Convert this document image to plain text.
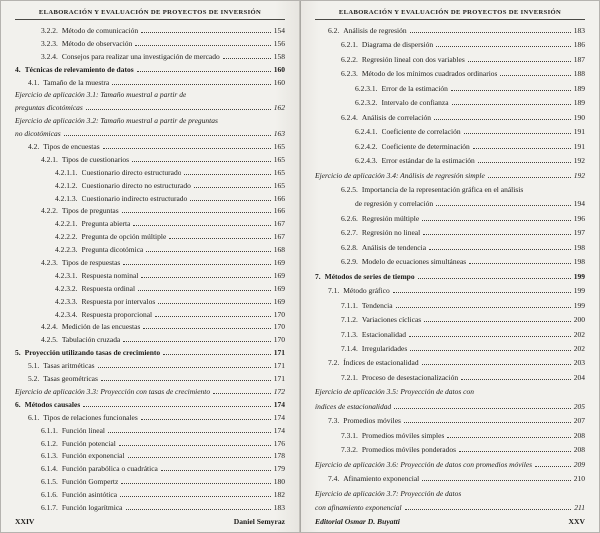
ELABORACIÓN Y EVALUACIÓN DE PROYECTOS DE INVERSIÓN
3.2.2. Método de comunicación	154
3.2.3. Método de observación	156
3.2.4. Consejos para realizar una investigación de mercado	158
4. Técnicas de relevamiento de datos	160
4.1. Tamaño de la muestra	160
Ejercicio de aplicación 3.1: Tamaño muestral a partir de
preguntas dicotómicas	162
Ejercicio de aplicación 3.2: Tamaño muestral a partir de preguntas
no dicotómicas	163
4.2. Tipos de encuestas	165
4.2.1. Tipos de cuestionarios	165
4.2.1.1. Cuestionario directo estructurado	165
4.2.1.2. Cuestionario directo no estructurado	165
4.2.1.3. Cuestionario indirecto estructurado	166
4.2.2. Tipos de preguntas	166
4.2.2.1. Pregunta abierta	167
4.2.2.2. Pregunta de opción múltiple	167
4.2.2.3. Pregunta dicotómica	168
4.2.3. Tipos de respuestas	169
4.2.3.1. Respuesta nominal	169
4.2.3.2. Respuesta ordinal	169
4.2.3.3. Respuesta por intervalos	169
4.2.3.4. Respuesta proporcional	170
4.2.4. Medición de las encuestas	170
4.2.5. Tabulación cruzada	170
5. Proyección utilizando tasas de crecimiento	171
5.1. Tasas aritméticas	171
5.2. Tasas geométricas	171
Ejercicio de aplicación 3.3: Proyección con tasas de crecimiento	172
6. Métodos causales	174
6.1. Tipos de relaciones funcionales	174
6.1.1. Función lineal	174
6.1.2. Función potencial	176
6.1.3. Función exponencial	178
6.1.4. Función parabólica o cuadrática	179
6.1.5. Función Gompertz	180
6.1.6. Función asintótica	182
6.1.7. Función logarítmica	183
XXIV	Daniel Semyraz
ELABORACIÓN Y EVALUACIÓN DE PROYECTOS DE INVERSIÓN
6.2. Análisis de regresión	183
6.2.1. Diagrama de dispersión	186
6.2.2. Regresión lineal con dos variables	187
6.2.3. Método de los mínimos cuadrados ordinarios	188
6.2.3.1. Error de la estimación	189
6.2.3.2. Intervalo de confianza	189
6.2.4. Análisis de correlación	190
6.2.4.1. Coeficiente de correlación	191
6.2.4.2. Coeficiente de determinación	191
6.2.4.3. Error estándar de la estimación	192
Ejercicio de aplicación 3.4: Análisis de regresión simple	192
6.2.5. Importancia de la representación gráfica en el análisis
de regresión y correlación	194
6.2.6. Regresión múltiple	196
6.2.7. Regresión no lineal	197
6.2.8. Análisis de tendencia	198
6.2.9. Modelo de ecuaciones simultáneas	198
7. Métodos de series de tiempo	199
7.1. Método gráfico	199
7.1.1. Tendencia	199
7.1.2. Variaciones cíclicas	200
7.1.3. Estacionalidad	202
7.1.4. Irregularidades	202
7.2. Índices de estacionalidad	203
7.2.1. Proceso de desestacionalización	204
Ejercicio de aplicación 3.5: Proyección de datos con
índices de estacionalidad	205
7.3. Promedios móviles	207
7.3.1. Promedios móviles simples	208
7.3.2. Promedios móviles ponderados	208
Ejercicio de aplicación 3.6: Proyección de datos con promedios móviles	209
7.4. Afinamiento exponencial	210
Ejercicio de aplicación 3.7: Proyección de datos
con afinamiento exponencial	211
Editorial Osmar D. Buyatti	XXV
